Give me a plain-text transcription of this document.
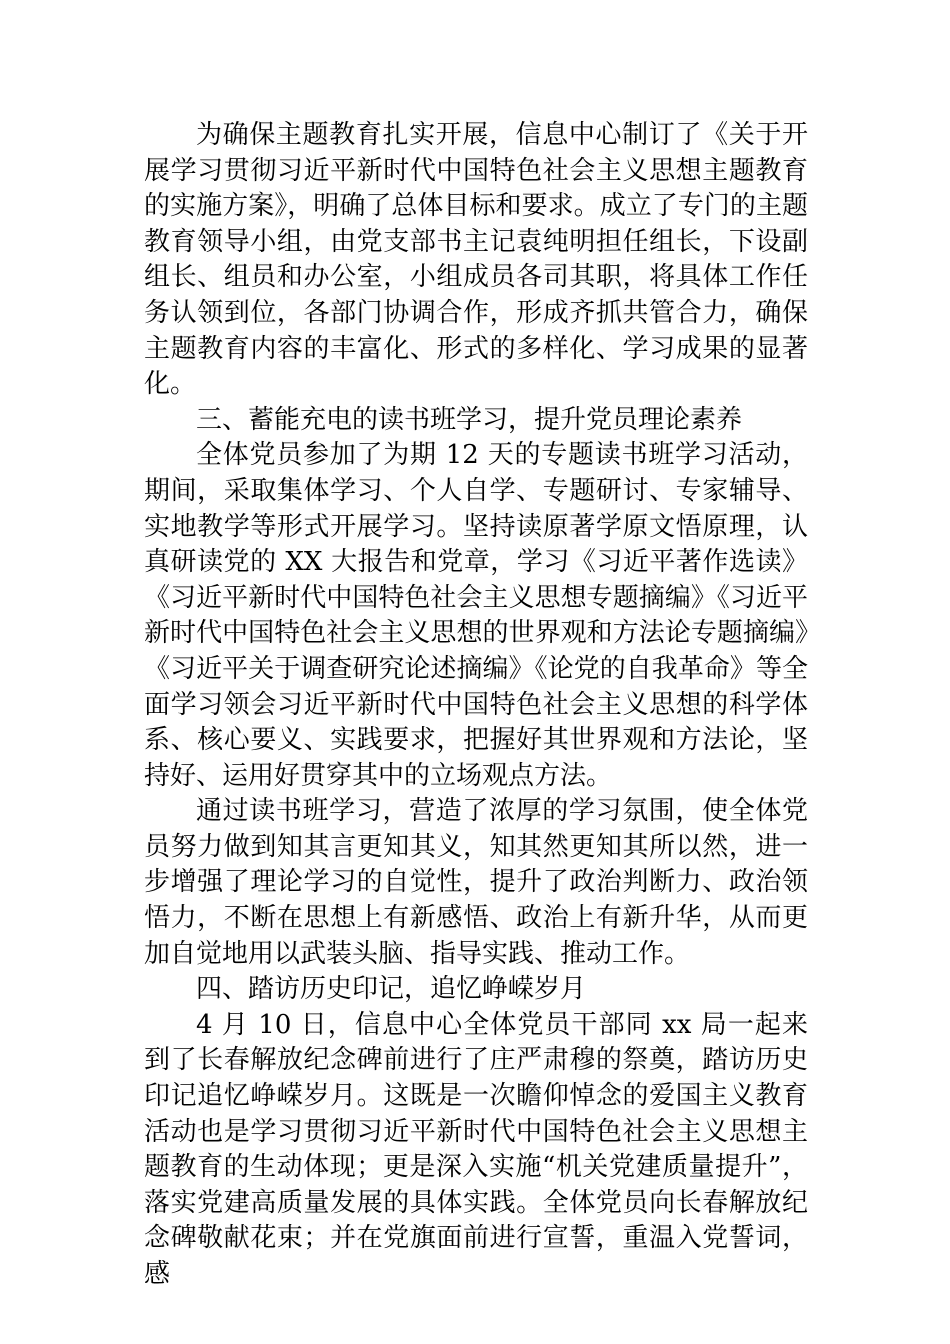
为确保主题教育扎实开展，信息中心制订了《关于开展学习贯彻习近平新时代中国特色社会主义思想主题教育的实施方案》，明确了总体目标和要求。成立了专门的主题教育领导小组，由党支部书主记袁纯明担任组长，下设副组长、组员和办公室，小组成员各司其职，将具体工作任务认领到位，各部门协调合作，形成齐抓共管合力，确保主题教育内容的丰富化、形式的多样化、学习成果的显著化。

三、蓄能充电的读书班学习，提升党员理论素养

全体党员参加了为期 12 天的专题读书班学习活动，期间，采取集体学习、个人自学、专题研讨、专家辅导、实地教学等形式开展学习。坚持读原著学原文悟原理，认真研读党的 XX 大报告和党章，学习《习近平著作选读》《习近平新时代中国特色社会主义思想专题摘编》《习近平新时代中国特色社会主义思想的世界观和方法论专题摘编》《习近平关于调查研究论述摘编》《论党的自我革命》等全面学习领会习近平新时代中国特色社会主义思想的科学体系、核心要义、实践要求，把握好其世界观和方法论，坚持好、运用好贯穿其中的立场观点方法。

通过读书班学习，营造了浓厚的学习氛围，使全体党员努力做到知其言更知其义，知其然更知其所以然，进一步增强了理论学习的自觉性，提升了政治判断力、政治领悟力，不断在思想上有新感悟、政治上有新升华，从而更加自觉地用以武装头脑、指导实践、推动工作。

四、踏访历史印记，追忆峥嵘岁月

4 月 10 日，信息中心全体党员干部同 xx 局一起来到了长春解放纪念碑前进行了庄严肃穆的祭奠，踏访历史印记追忆峥嵘岁月。这既是一次瞻仰悼念的爱国主义教育活动也是学习贯彻习近平新时代中国特色社会主义思想主题教育的生动体现；更是深入实施“机关党建质量提升”，落实党建高质量发展的具体实践。全体党员向长春解放纪念碑敬献花束；并在党旗面前进行宣誓，重温入党誓词，感
